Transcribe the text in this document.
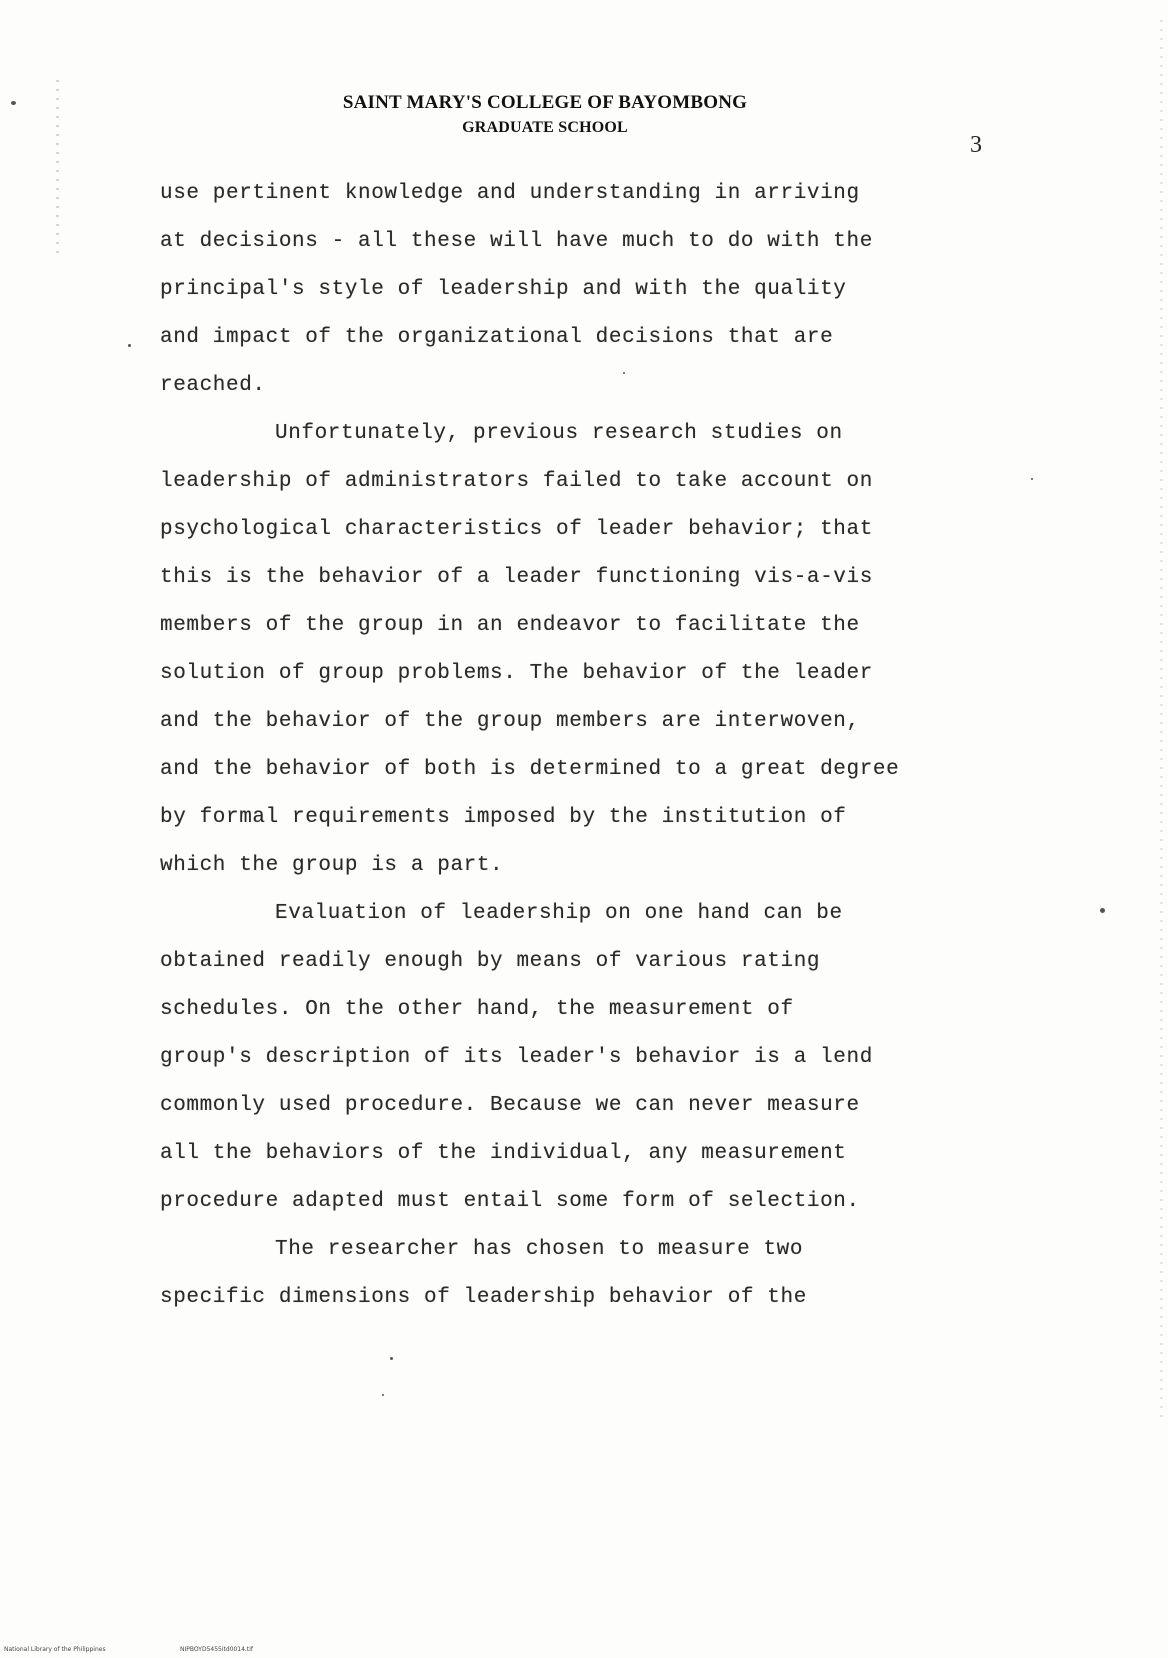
SAINT MARY'S COLLEGE OF BAYOMBONG
GRADUATE SCHOOL
3
use pertinent knowledge and understanding in arriving
at decisions - all these will have much to do with the
principal's style of leadership and with the quality
and impact of the organizational decisions that are
reached.
Unfortunately, previous research studies on
leadership of administrators failed to take account on
psychological characteristics of leader behavior; that
this is the behavior of a leader functioning vis-a-vis
members of the group in an endeavor to facilitate the
solution of group problems. The behavior of the leader
and the behavior of the group members are interwoven,
and the behavior of both is determined to a great degree
by formal requirements imposed by the institution of
which the group is a part.
Evaluation of leadership on one hand can be
obtained readily enough by means of various rating
schedules. On the other hand, the measurement of
group's description of its leader's behavior is a lend
commonly used procedure. Because we can never measure
all the behaviors of the individual, any measurement
procedure adapted must entail some form of selection.
The researcher has chosen to measure two
specific dimensions of leadership behavior of the
National Library of the Philippines	NIPBOYD5455itd0014.tif
